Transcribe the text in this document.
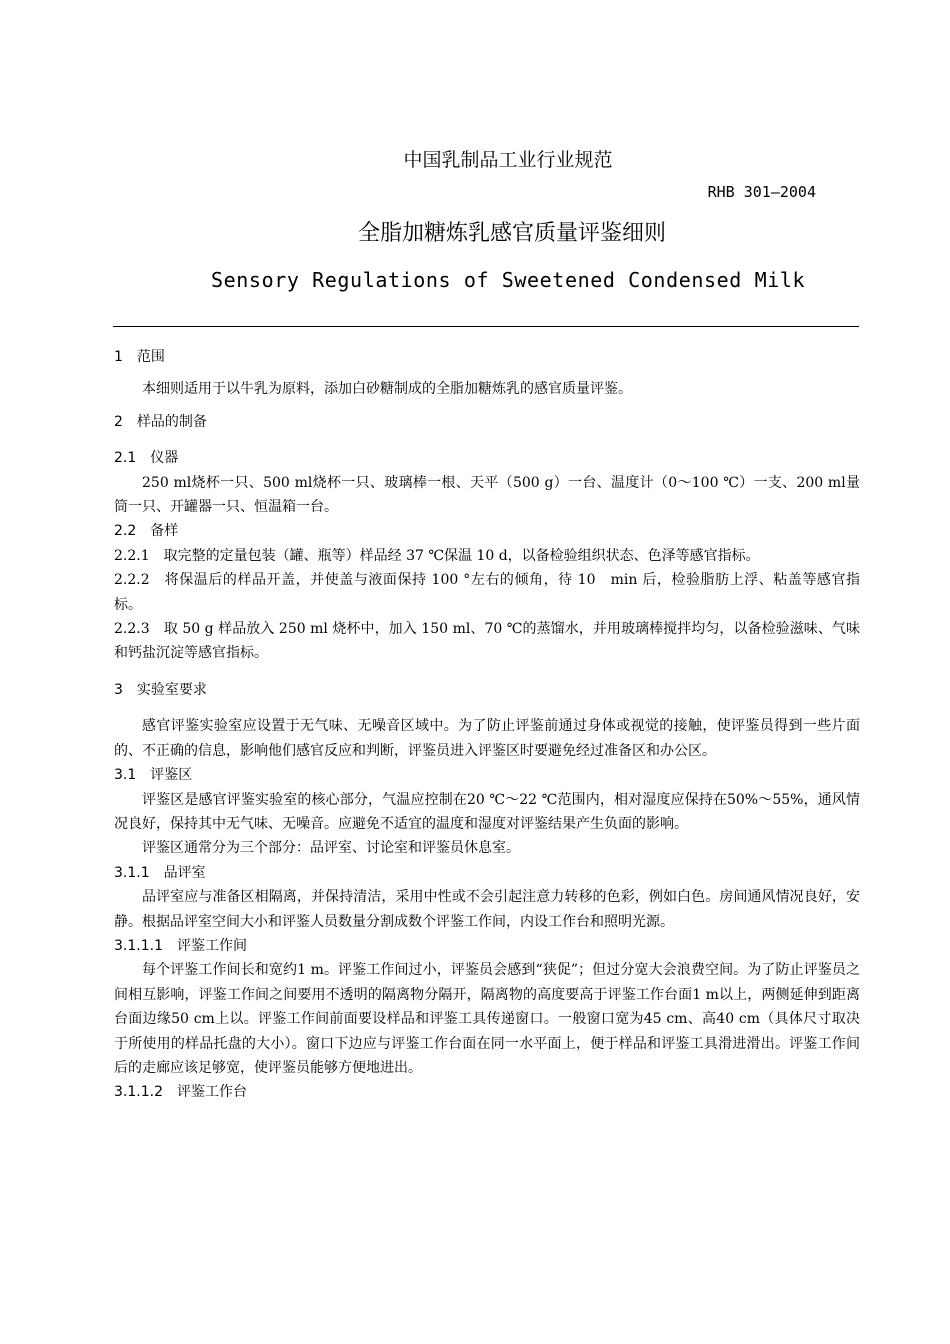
中国乳制品工业行业规范
RHB 301—2004
全脂加糖炼乳感官质量评鉴细则
Sensory Regulations of Sweetened Condensed Milk

1　范围

本细则适用于以牛乳为原料，添加白砂糖制成的全脂加糖炼乳的感官质量评鉴。

2　样品的制备

2.1　仪器

250 ml烧杯一只、500 ml烧杯一只、玻璃棒一根、天平（500 g）一台、温度计（0～100 ℃）一支、200 ml量筒一只、开罐器一只、恒温箱一台。

2.2　备样

2.2.1　取完整的定量包装（罐、瓶等）样品经 37 ℃保温 10 d，以备检验组织状态、色泽等感官指标。

2.2.2　将保温后的样品开盖，并使盖与液面保持 100 °左右的倾角，待 10　min 后，检验脂肪上浮、粘盖等感官指标。

2.2.3　取 50 g 样品放入 250 ml 烧杯中，加入 150 ml、70 ℃的蒸馏水，并用玻璃棒搅拌均匀，以备检验滋味、气味和钙盐沉淀等感官指标。

3　实验室要求

感官评鉴实验室应设置于无气味、无噪音区域中。为了防止评鉴前通过身体或视觉的接触，使评鉴员得到一些片面的、不正确的信息，影响他们感官反应和判断，评鉴员进入评鉴区时要避免经过准备区和办公区。

3.1　评鉴区

评鉴区是感官评鉴实验室的核心部分，气温应控制在20 ℃～22 ℃范围内，相对湿度应保持在50%～55%，通风情况良好，保持其中无气味、无噪音。应避免不适宜的温度和湿度对评鉴结果产生负面的影响。

评鉴区通常分为三个部分：品评室、讨论室和评鉴员休息室。

3.1.1　品评室

品评室应与准备区相隔离，并保持清洁，采用中性或不会引起注意力转移的色彩，例如白色。房间通风情况良好，安静。根据品评室空间大小和评鉴人员数量分割成数个评鉴工作间，内设工作台和照明光源。

3.1.1.1　评鉴工作间

每个评鉴工作间长和宽约1 m。评鉴工作间过小，评鉴员会感到“狭促”；但过分宽大会浪费空间。为了防止评鉴员之间相互影响，评鉴工作间之间要用不透明的隔离物分隔开，隔离物的高度要高于评鉴工作台面1 m以上，两侧延伸到距离台面边缘50 cm上以。评鉴工作间前面要设样品和评鉴工具传递窗口。一般窗口宽为45 cm、高40 cm（具体尺寸取决于所使用的样品托盘的大小）。窗口下边应与评鉴工作台面在同一水平面上，便于样品和评鉴工具滑进滑出。评鉴工作间后的走廊应该足够宽，使评鉴员能够方便地进出。

3.1.1.2　评鉴工作台
